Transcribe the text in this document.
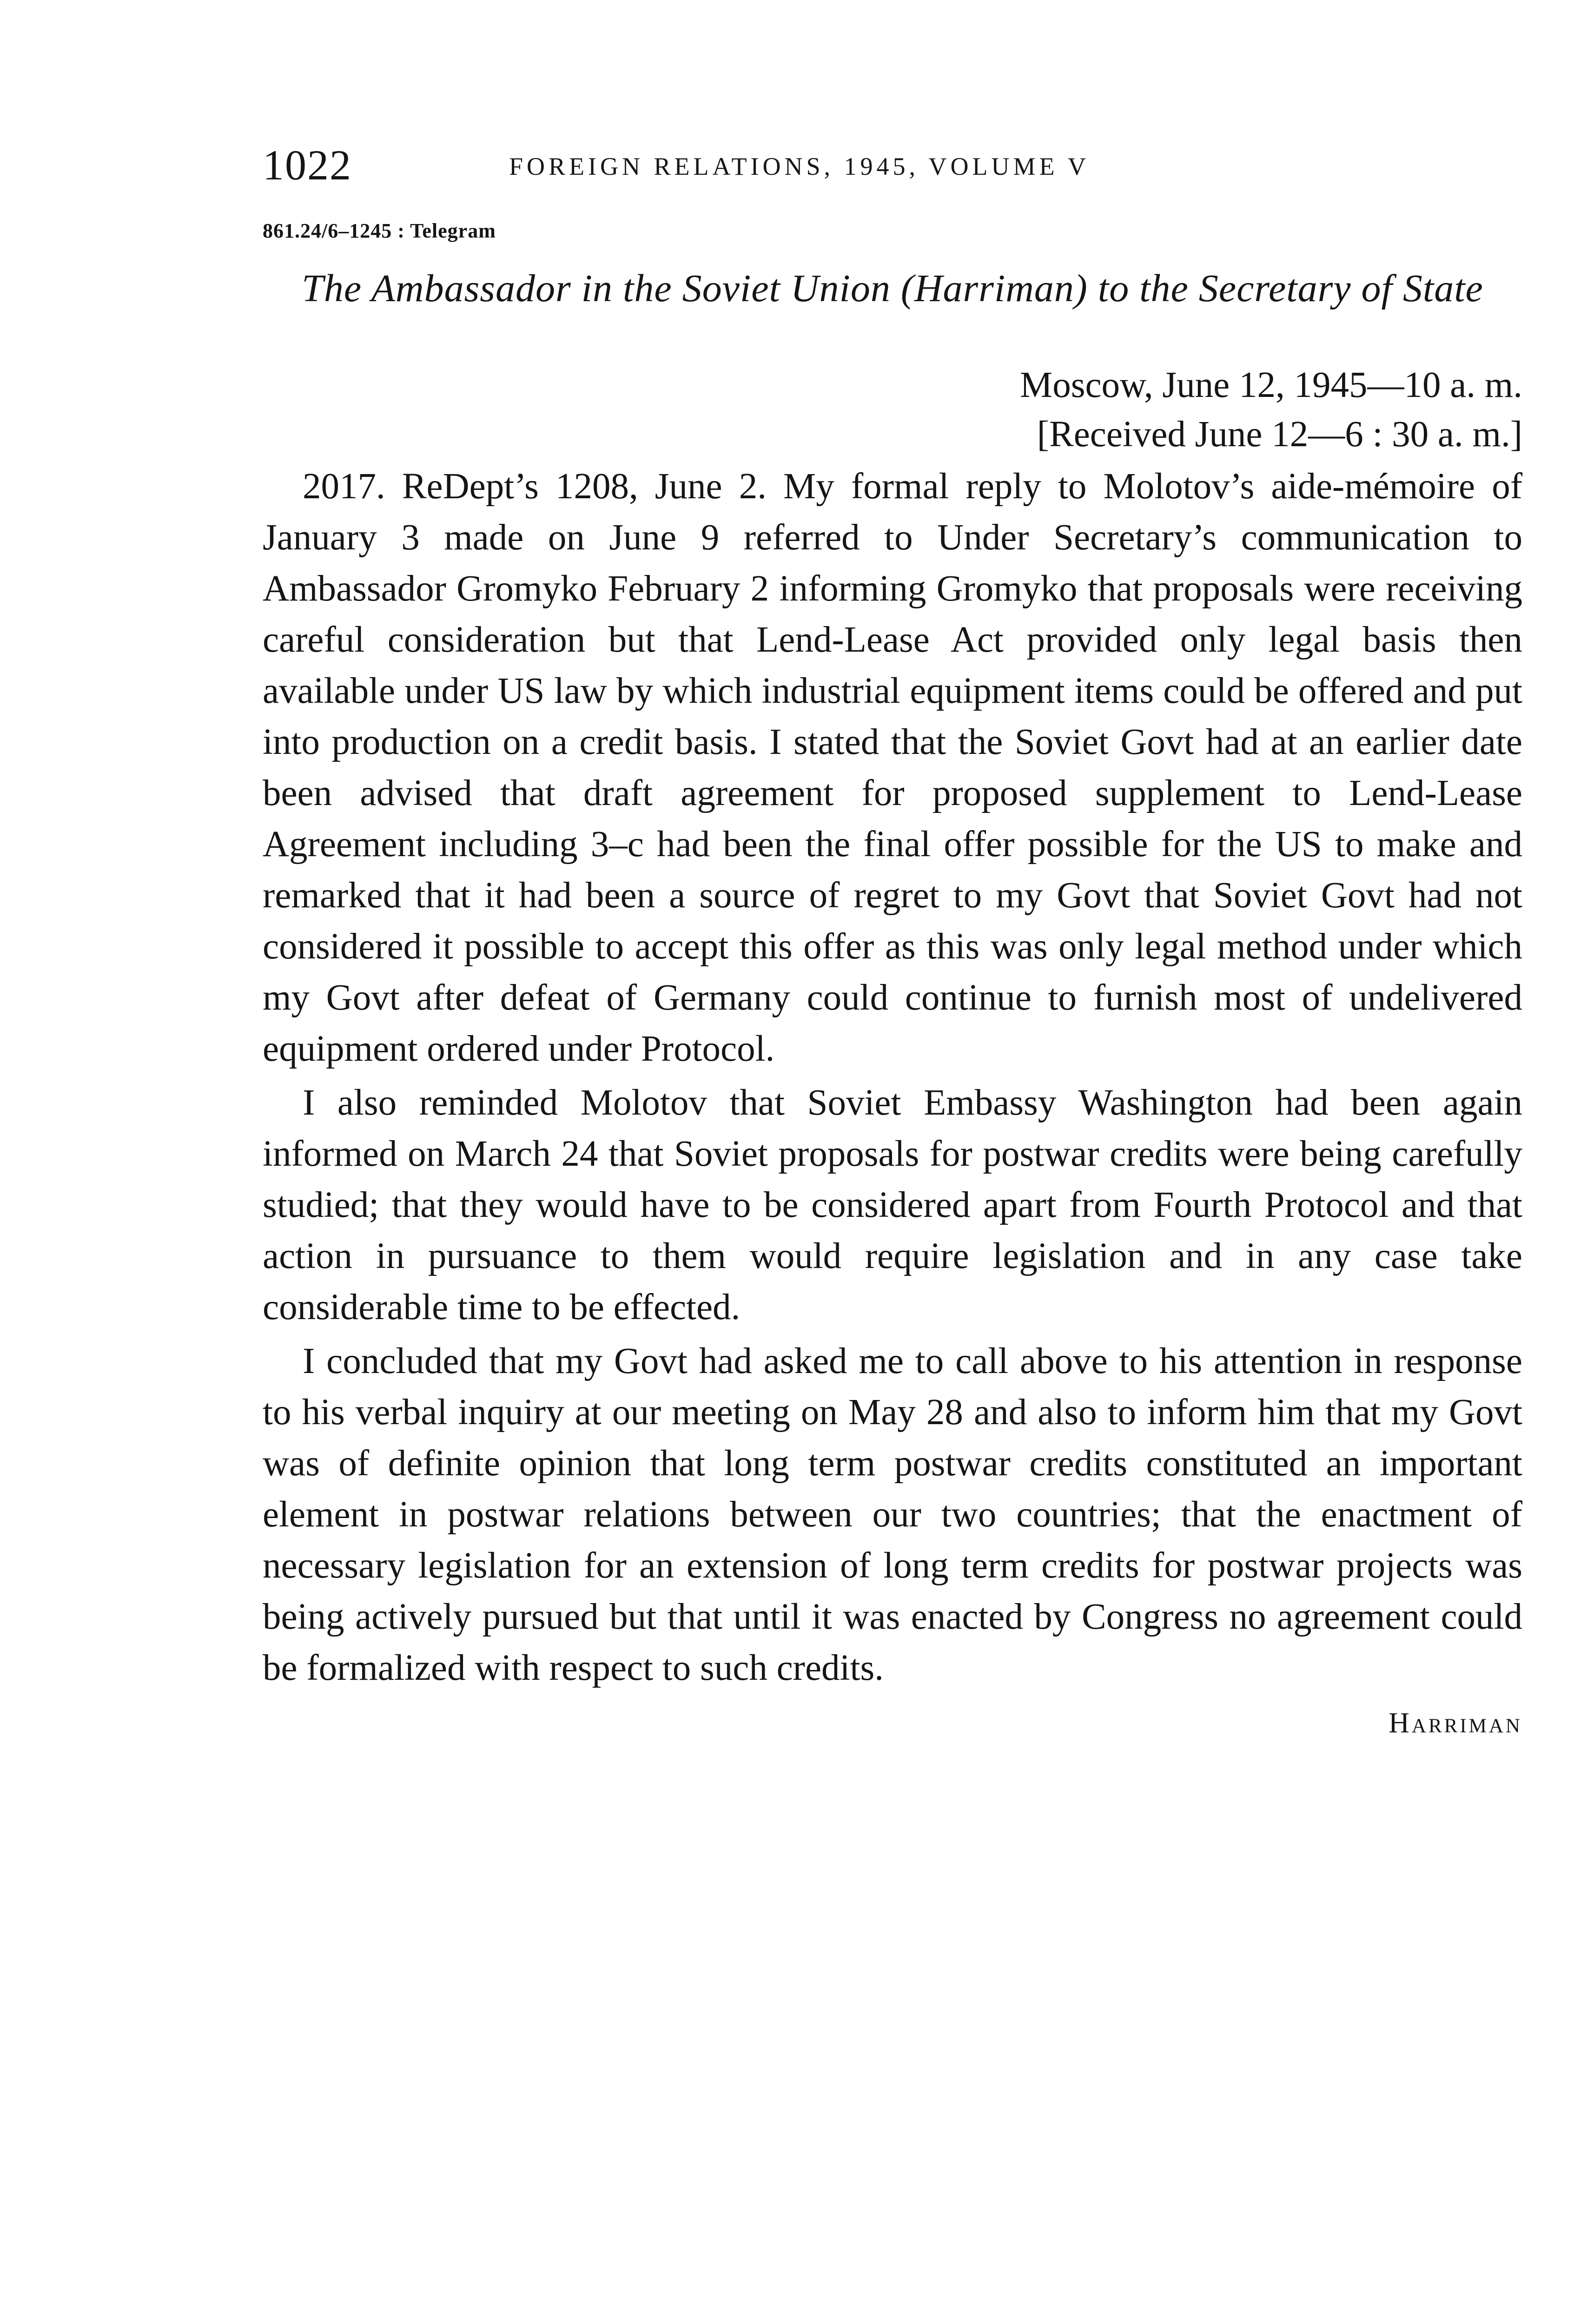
1022	FOREIGN RELATIONS, 1945, VOLUME V
861.24/6–1245 : Telegram
The Ambassador in the Soviet Union (Harriman) to the Secretary of State
Moscow, June 12, 1945—10 a. m.
[Received June 12—6 : 30 a. m.]

2017. ReDept’s 1208, June 2. My formal reply to Molotov’s aide-mémoire of January 3 made on June 9 referred to Under Secretary’s communication to Ambassador Gromyko February 2 informing Gromyko that proposals were receiving careful consideration but that Lend-Lease Act provided only legal basis then available under US law by which industrial equipment items could be offered and put into production on a credit basis. I stated that the Soviet Govt had at an earlier date been advised that draft agreement for proposed supplement to Lend-Lease Agreement including 3–c had been the final offer possible for the US to make and remarked that it had been a source of regret to my Govt that Soviet Govt had not considered it possible to accept this offer as this was only legal method under which my Govt after defeat of Germany could continue to furnish most of undelivered equipment ordered under Protocol.

I also reminded Molotov that Soviet Embassy Washington had been again informed on March 24 that Soviet proposals for postwar credits were being carefully studied; that they would have to be considered apart from Fourth Protocol and that action in pursuance to them would require legislation and in any case take considerable time to be effected.

I concluded that my Govt had asked me to call above to his attention in response to his verbal inquiry at our meeting on May 28 and also to inform him that my Govt was of definite opinion that long term postwar credits constituted an important element in postwar relations between our two countries; that the enactment of necessary legislation for an extension of long term credits for postwar projects was being actively pursued but that until it was enacted by Congress no agreement could be formalized with respect to such credits.

Harriman
